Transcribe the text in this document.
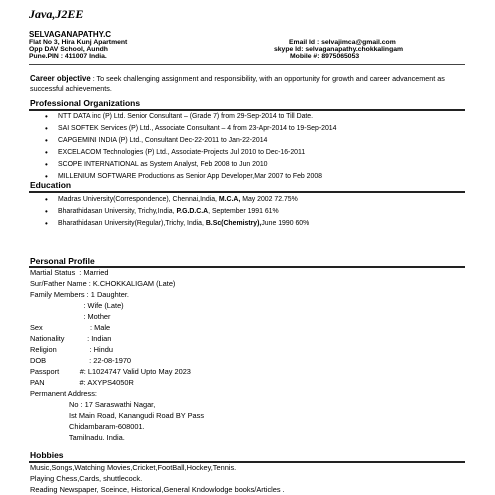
Java,J2EE
SELVAGANAPATHY.C
Flat No 3, Hira Kunj Apartment
Opp DAV School, Aundh
Pune.PIN : 411007 India.
Email Id : selvajimca@gmail.com
skype Id: selvaganapathy.chokkalingam
Mobile #: 8975065053
Career objective : To seek challenging assignment and responsibility, with an opportunity for growth and career advancement as successful achievements.
Professional Organizations
• NTT DATA inc (P) Ltd. Senior Consultant – (Grade 7) from 29-Sep-2014 to Till Date.
• SAI SOFTEK Services (P) Ltd., Associate Consultant – 4 from 23-Apr-2014 to 19-Sep-2014
• CAPGEMINI INDIA (P) Ltd., Consultant Dec-22-2011 to Jan-22-2014
• EXCELACOM Technologies (P) Ltd., Associate-Projects Jul 2010 to Dec-16-2011
• SCOPE INTERNATIONAL as System Analyst, Feb 2008 to Jun 2010
• MILLENIUM SOFTWARE Productions as Senior App Developer,Mar 2007 to Feb 2008
Education
• Madras University(Correspondence), Chennai,India, M.C.A, May 2002 72.75%
• Bharathidasan University, Trichy,India, P.G.D.C.A, September 1991 61%
• Bharathidasan University(Regular),Trichy, India, B.Sc(Chemistry),June 1990 60%
Personal Profile
Martial Status  : Married
Sur/Father Name : K.CHOKKALIGAM (Late)
Family Members : 1 Daughter.
: Wife (Late)
: Mother
Sex                       : Male
Nationality           : Indian
Religion                : Hindu
DOB                     : 22-08-1970
Passport          #: L1024747 Valid Upto May 2023
PAN                 #: AXYPS4050R
Permanent Address:
No : 17 Saraswathi Nagar,
Ist Main Road, Kanangudi Road BY Pass
Chidambaram-608001.
Tamilnadu. India.
Hobbies
Music,Songs,Watching Movies,Cricket,FootBall,Hockey,Tennis.
Playing Chess,Cards, shuttlecock.
Reading Newspaper, Sceince, Historical,General Kndowlodge books/Articles .
